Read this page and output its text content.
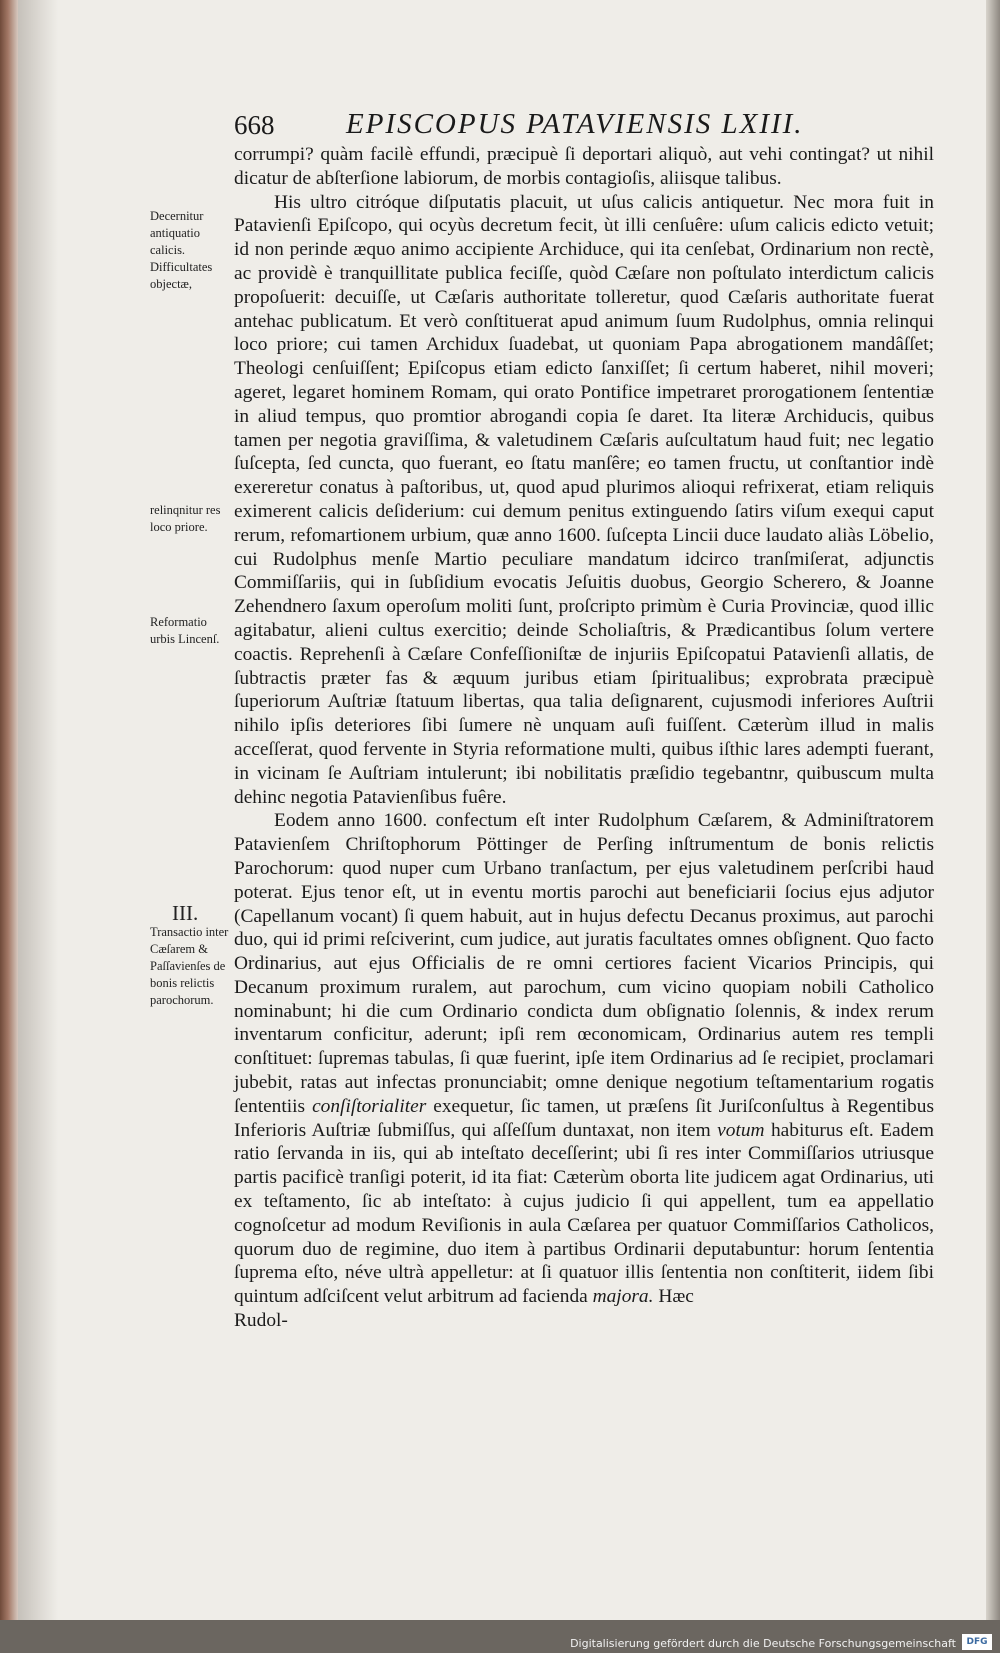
668 EPISCOPUS PATAVIENSIS LXIII.

corrumpi? quàm facilè effundi, præcipuè ſi deportari aliquò, aut vehi contingat? ut nihil dicatur de abſterſione labiorum, de morbis contagioſis, aliisque talibus.

His ultro citróque diſputatis placuit, ut uſus calicis antiquetur. Nec mora fuit in Patavienſi Epiſcopo, qui ocyùs decretum fecit, ùt illi cenſuêre: uſum calicis edicto vetuit; id non perinde æquo animo accipiente Archiduce, qui ita cenſebat, Ordinarium non rectè, ac providè è tranquillitate publica feciſſe, quòd Cæſare non poſtulato interdictum calicis propoſuerit: decuiſſe, ut Cæſaris authoritate tolleretur, quod Cæſaris authoritate fuerat antehac publicatum. Et verò conſtituerat apud animum ſuum Rudolphus, omnia relinqui loco priore; cui tamen Archidux ſuadebat, ut quoniam Papa abrogationem mandâſſet; Theologi cenſuiſſent; Epiſcopus etiam edicto ſanxiſſet; ſi certum haberet, nihil moveri; ageret, legaret hominem Romam, qui orato Pontifice impetraret prorogationem ſententiæ in aliud tempus, quo promtior abrogandi copia ſe daret. Ita literæ Archiducis, quibus tamen per negotia graviſſima, & valetudinem Cæſaris auſcultatum haud fuit; nec legatio ſuſcepta, ſed cuncta, quo fuerant, eo ſtatu manſêre; eo tamen fructu, ut conſtantior indè exereretur conatus à paſtoribus, ut, quod apud plurimos alioqui refrixerat, etiam reliquis eximerent calicis deſiderium: cui demum penitus extinguendo ſatirs viſum exequi caput rerum, refomartionem urbium, quæ anno 1600. ſuſcepta Lincii duce laudato aliàs Löbelio, cui Rudolphus menſe Martio peculiare mandatum idcirco tranſmiſerat, adjunctis Commiſſariis, qui in ſubſidium evocatis Jeſuitis duobus, Georgio Scherero, & Joanne Zehendnero ſaxum operoſum moliti ſunt, proſcripto primùm è Curia Provinciæ, quod illic agitabatur, alieni cultus exercitio; deinde Scholiaſtris, & Prædicantibus ſolum vertere coactis. Reprehenſi à Cæſare Confeſſioniſtæ de injuriis Epiſcopatui Patavienſi allatis, de ſubtractis præter fas & æquum juribus etiam ſpiritualibus; exprobrata præcipuè ſuperiorum Auſtriæ ſtatuum libertas, qua talia deſignarent, cujusmodi inferiores Auſtrii nihilo ipſis deteriores ſibi ſumere nè unquam auſi fuiſſent. Cæterùm illud in malis acceſſerat, quod fervente in Styria reformatione multi, quibus iſthic lares adempti fuerant, in vicinam ſe Auſtriam intulerunt; ibi nobilitatis præſidio tegebantnr, quibuscum multa dehinc negotia Patavienſibus fuêre.

Eodem anno 1600. confectum eſt inter Rudolphum Cæſarem, & Adminiſtratorem Patavienſem Chriſtophorum Pöttinger de Perſing inſtrumentum de bonis relictis Parochorum: quod nuper cum Urbano tranſactum, per ejus valetudinem perſcribi haud poterat. Ejus tenor eſt, ut in eventu mortis parochi aut beneficiarii ſocius ejus adjutor (Capellanum vocant) ſi quem habuit, aut in hujus defectu Decanus proximus, aut parochi duo, qui id primi reſciverint, cum judice, aut juratis facultates omnes obſignent. Quo facto Ordinarius, aut ejus Officialis de re omni certiores facient Vicarios Principis, qui Decanum proximum ruralem, aut parochum, cum vicino quopiam nobili Catholico nominabunt; hi die cum Ordinario condicta dum obſignatio ſolennis, & index rerum inventarum conficitur, aderunt; ipſi rem œconomicam, Ordinarius autem res templi conſtituet: ſupremas tabulas, ſi quæ fuerint, ipſe item Ordinarius ad ſe recipiet, proclamari jubebit, ratas aut infectas pronunciabit; omne denique negotium teſtamentarium rogatis ſententiis conſiſtorialiter exequetur, ſic tamen, ut præſens ſit Juriſconſultus à Regentibus Inferioris Auſtriæ ſubmiſſus, qui aſſeſſum duntaxat, non item votum habiturus eſt. Eadem ratio ſervanda in iis, qui ab inteſtato deceſſerint; ubi ſi res inter Commiſſarios utriusque partis pacificè tranſigi poterit, id ita fiat: Cæterùm oborta lite judicem agat Ordinarius, uti ex teſtamento, ſic ab inteſtato: à cujus judicio ſi qui appellent, tum ea appellatio cognoſcetur ad modum Reviſionis in aula Cæſarea per quatuor Commiſſarios Catholicos, quorum duo de regimine, duo item à partibus Ordinarii deputabuntur: horum ſententia ſuprema eſto, néve ultrà appelletur: at ſi quatuor illis ſententia non conſtiterit, iidem ſibi quintum adſciſcent velut arbitrum ad facienda majora. Hæc

Rudol-

Decernitur antiquatio calicis. Difficultates objectæ,
relinqnitur res loco priore.
Reformatio urbis Lincenſ.
III.
Transactio inter Cæſarem & Paſſavienſes de bonis relictis parochorum.
Digitalisierung gefördert durch die Deutsche Forschungsgemeinschaft	DFG
